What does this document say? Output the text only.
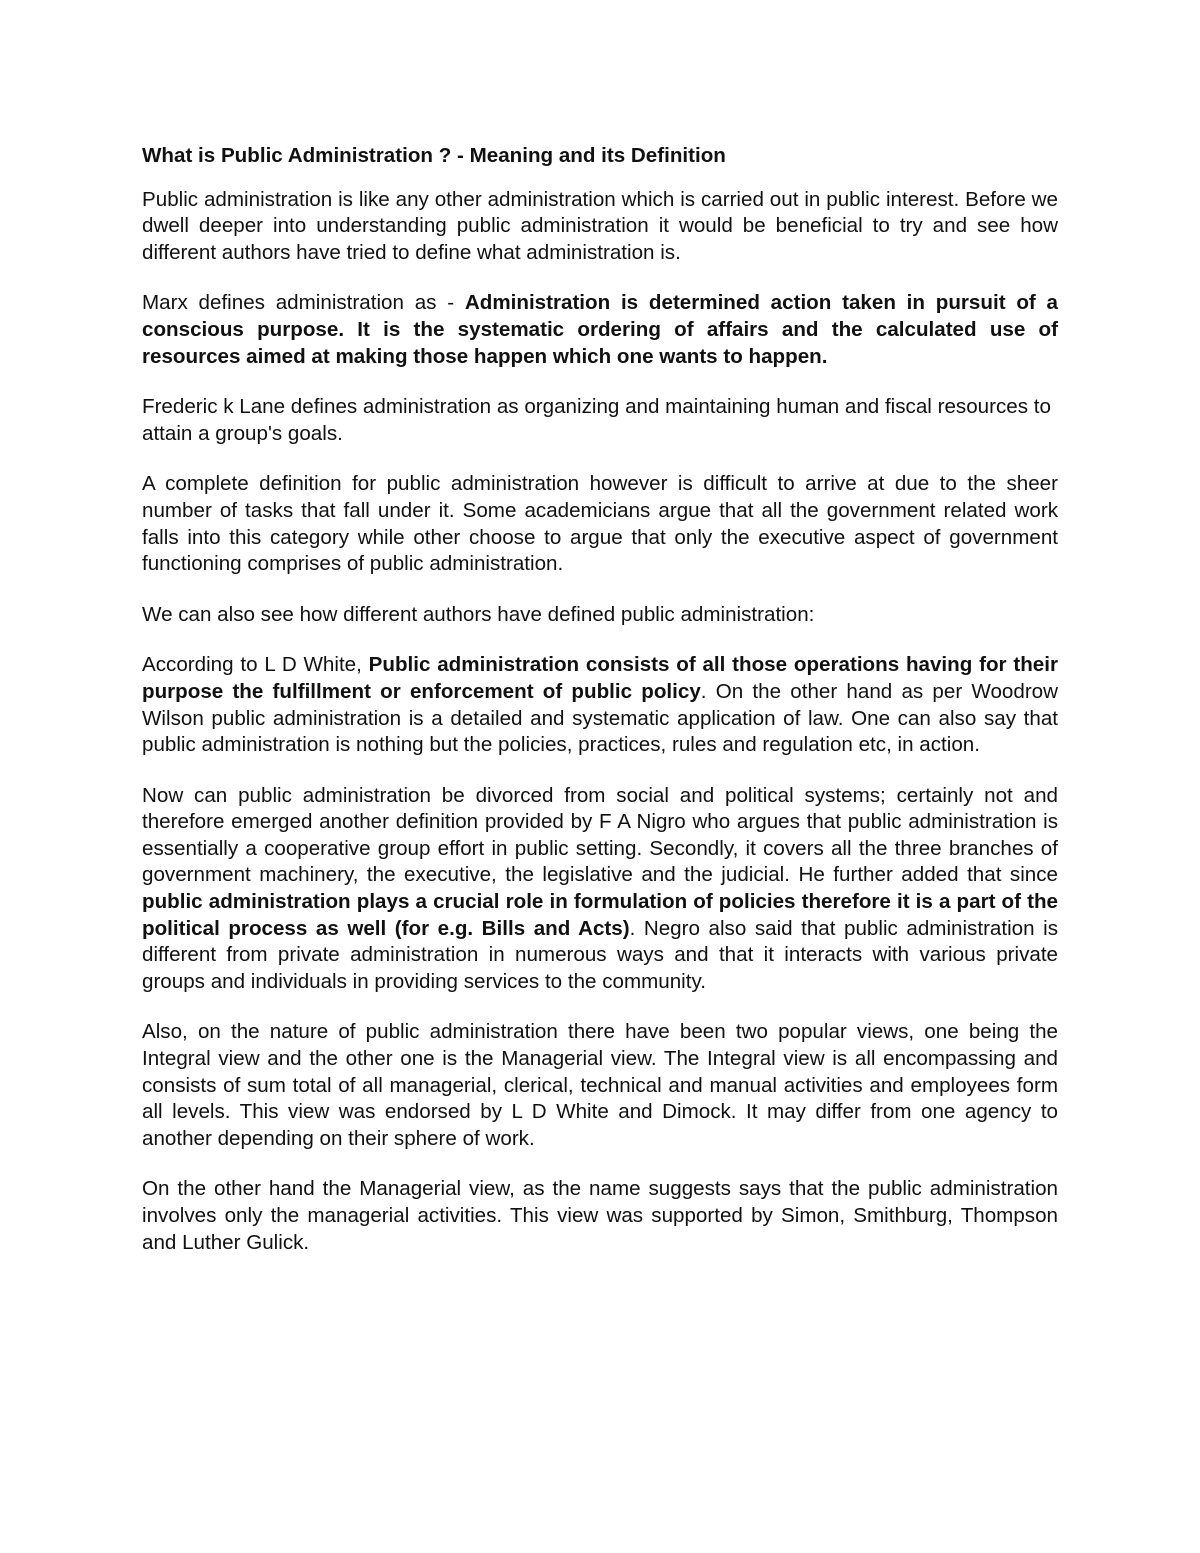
What is Public Administration ? - Meaning and its Definition

Public administration is like any other administration which is carried out in public interest. Before we dwell deeper into understanding public administration it would be beneficial to try and see how different authors have tried to define what administration is.

Marx defines administration as - Administration is determined action taken in pursuit of a conscious purpose. It is the systematic ordering of affairs and the calculated use of resources aimed at making those happen which one wants to happen.

Frederic k Lane defines administration as organizing and maintaining human and fiscal resources to attain a group's goals.

A complete definition for public administration however is difficult to arrive at due to the sheer number of tasks that fall under it. Some academicians argue that all the government related work falls into this category while other choose to argue that only the executive aspect of government functioning comprises of public administration.

We can also see how different authors have defined public administration:

According to L D White, Public administration consists of all those operations having for their purpose the fulfillment or enforcement of public policy. On the other hand as per Woodrow Wilson public administration is a detailed and systematic application of law. One can also say that public administration is nothing but the policies, practices, rules and regulation etc, in action.

Now can public administration be divorced from social and political systems; certainly not and therefore emerged another definition provided by F A Nigro who argues that public administration is essentially a cooperative group effort in public setting. Secondly, it covers all the three branches of government machinery, the executive, the legislative and the judicial. He further added that since public administration plays a crucial role in formulation of policies therefore it is a part of the political process as well (for e.g. Bills and Acts). Negro also said that public administration is different from private administration in numerous ways and that it interacts with various private groups and individuals in providing services to the community.

Also, on the nature of public administration there have been two popular views, one being the Integral view and the other one is the Managerial view. The Integral view is all encompassing and consists of sum total of all managerial, clerical, technical and manual activities and employees form all levels. This view was endorsed by L D White and Dimock. It may differ from one agency to another depending on their sphere of work.

On the other hand the Managerial view, as the name suggests says that the public administration involves only the managerial activities. This view was supported by Simon, Smithburg, Thompson and Luther Gulick.
